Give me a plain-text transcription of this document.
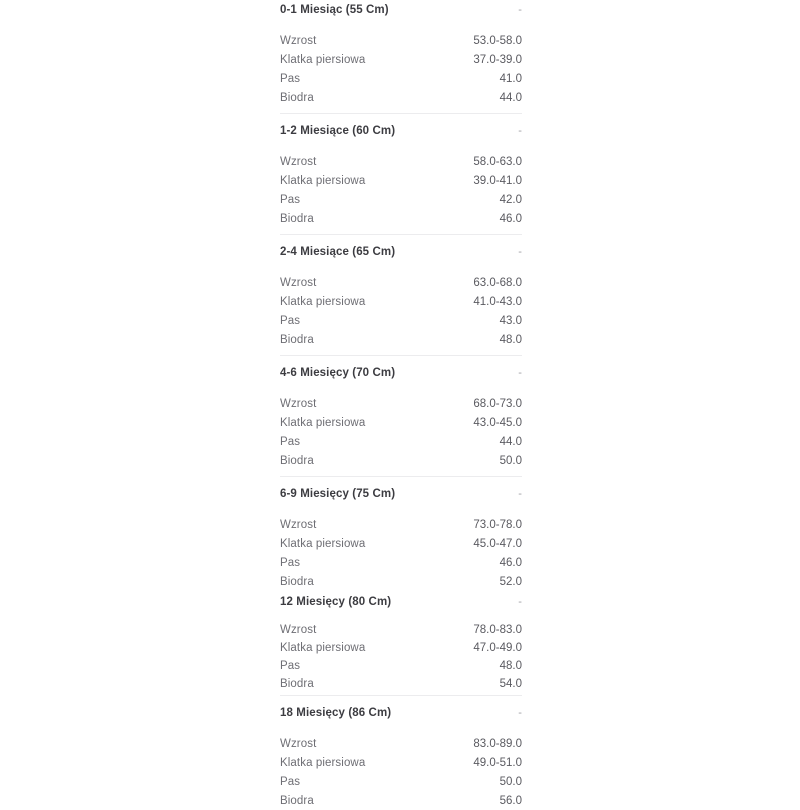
0-1 Miesiąc (55 Cm)	-
Wzrost	53.0-58.0
Klatka piersiowa	37.0-39.0
Pas	41.0
Biodra	44.0
1-2 Miesiące (60 Cm)	-
Wzrost	58.0-63.0
Klatka piersiowa	39.0-41.0
Pas	42.0
Biodra	46.0
2-4 Miesiące (65 Cm)	-
Wzrost	63.0-68.0
Klatka piersiowa	41.0-43.0
Pas	43.0
Biodra	48.0
4-6 Miesięcy (70 Cm)	-
Wzrost	68.0-73.0
Klatka piersiowa	43.0-45.0
Pas	44.0
Biodra	50.0
6-9 Miesięcy (75 Cm)	-
Wzrost	73.0-78.0
Klatka piersiowa	45.0-47.0
Pas	46.0
Biodra	52.0
12 Miesięcy (80 Cm)	-
Wzrost	78.0-83.0
Klatka piersiowa	47.0-49.0
Pas	48.0
Biodra	54.0
18 Miesięcy (86 Cm)	-
Wzrost	83.0-89.0
Klatka piersiowa	49.0-51.0
Pas	50.0
Biodra	56.0
